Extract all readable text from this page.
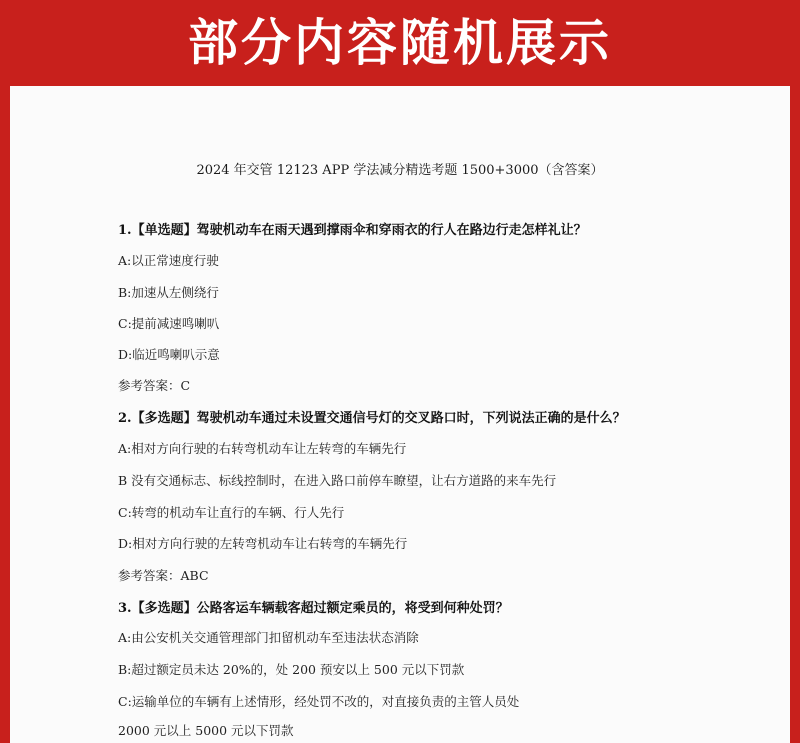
部分内容随机展示

2024 年交管 12123 APP 学法减分精选考题 1500+3000（含答案）

1.【单选题】驾驶机动车在雨天遇到撑雨伞和穿雨衣的行人在路边行走怎样礼让？

A:以正常速度行驶

B:加速从左侧绕行

C:提前减速鸣喇叭

D:临近鸣喇叭示意

参考答案：C

2.【多选题】驾驶机动车通过未设置交通信号灯的交叉路口时，下列说法正确的是什么？

A:相对方向行驶的右转弯机动车让左转弯的车辆先行

B 没有交通标志、标线控制时，在进入路口前停车瞭望，让右方道路的来车先行

C:转弯的机动车让直行的车辆、行人先行

D:相对方向行驶的左转弯机动车让右转弯的车辆先行

参考答案：ABC

3.【多选题】公路客运车辆载客超过额定乘员的，将受到何种处罚？

A:由公安机关交通管理部门扣留机动车至违法状态消除

B:超过额定员未达 20%的，处 200 预安以上 500 元以下罚款

C:运输单位的车辆有上述情形，经处罚不改的，对直接负责的主管人员处

2000 元以上 5000 元以下罚款
